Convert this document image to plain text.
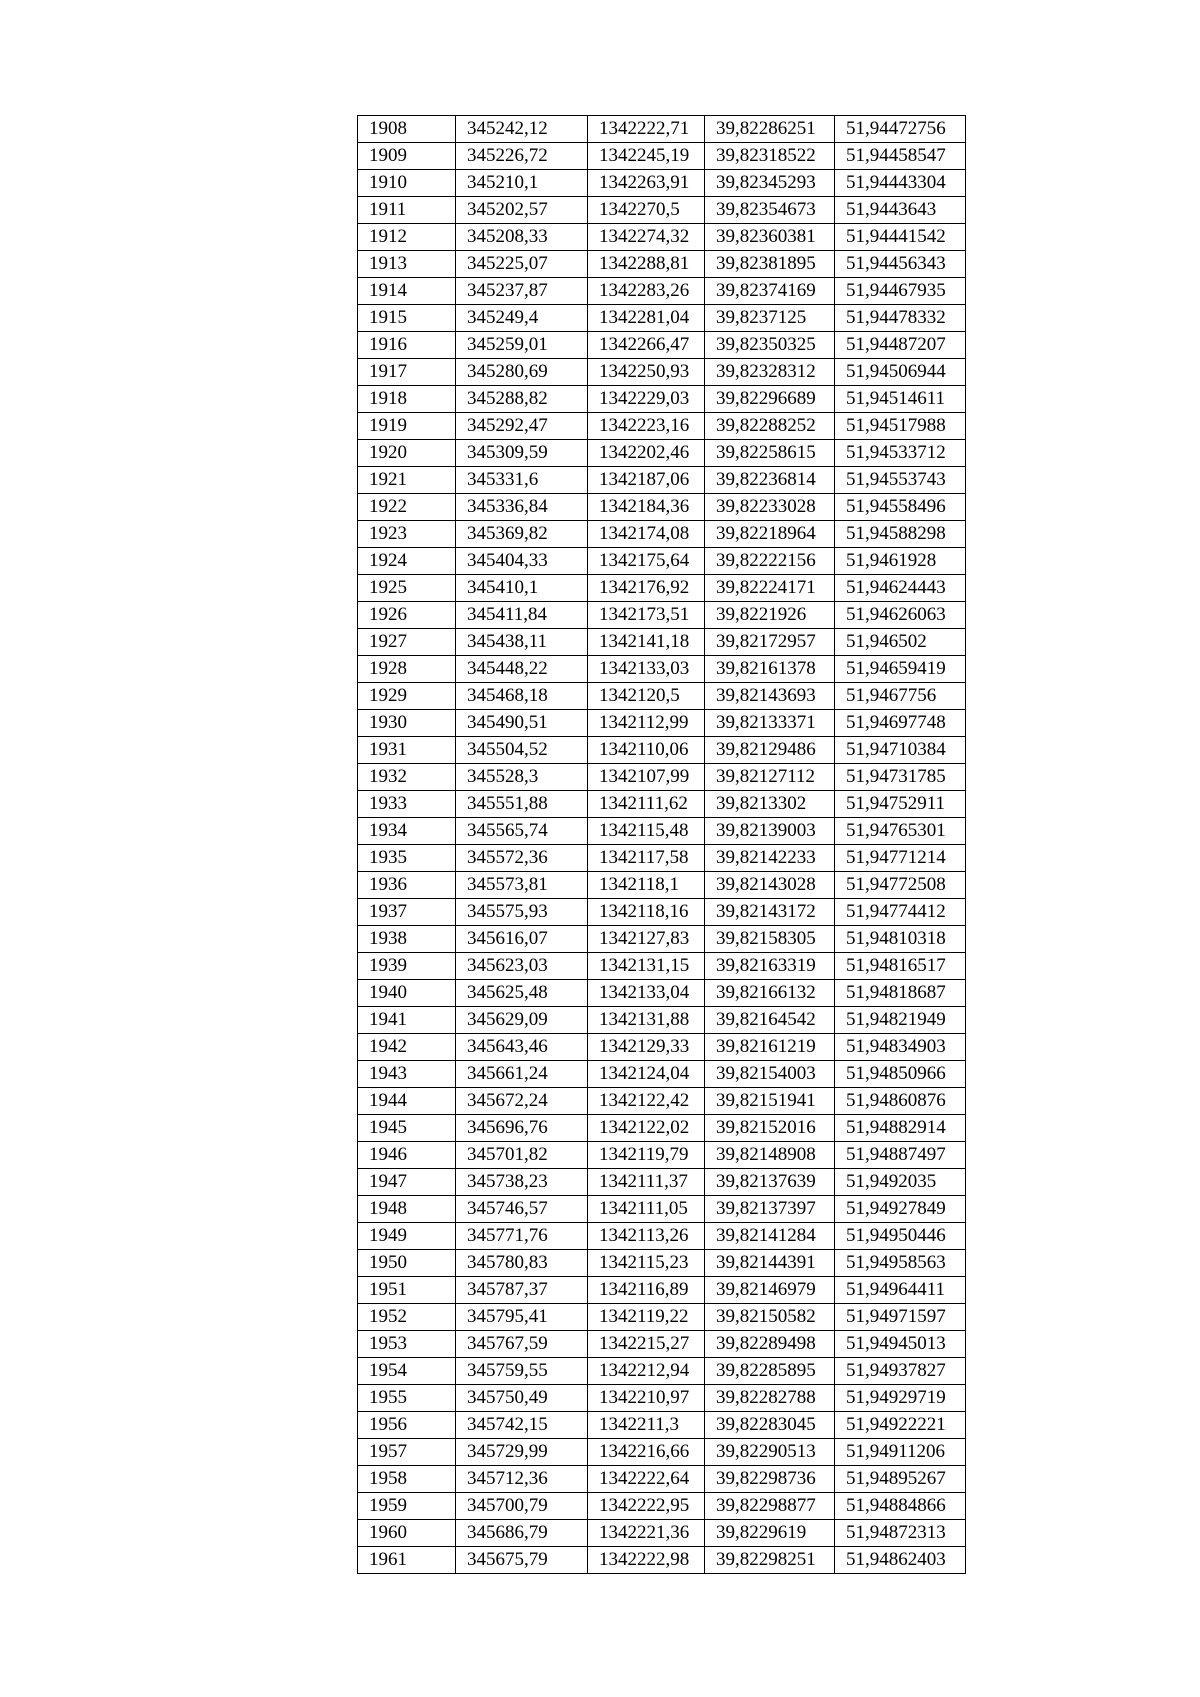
1908	345242,12	1342222,71	39,82286251	51,94472756
1909	345226,72	1342245,19	39,82318522	51,94458547
1910	345210,1	1342263,91	39,82345293	51,94443304
1911	345202,57	1342270,5	39,82354673	51,9443643
1912	345208,33	1342274,32	39,82360381	51,94441542
1913	345225,07	1342288,81	39,82381895	51,94456343
1914	345237,87	1342283,26	39,82374169	51,94467935
1915	345249,4	1342281,04	39,8237125	51,94478332
1916	345259,01	1342266,47	39,82350325	51,94487207
1917	345280,69	1342250,93	39,82328312	51,94506944
1918	345288,82	1342229,03	39,82296689	51,94514611
1919	345292,47	1342223,16	39,82288252	51,94517988
1920	345309,59	1342202,46	39,82258615	51,94533712
1921	345331,6	1342187,06	39,82236814	51,94553743
1922	345336,84	1342184,36	39,82233028	51,94558496
1923	345369,82	1342174,08	39,82218964	51,94588298
1924	345404,33	1342175,64	39,82222156	51,9461928
1925	345410,1	1342176,92	39,82224171	51,94624443
1926	345411,84	1342173,51	39,8221926	51,94626063
1927	345438,11	1342141,18	39,82172957	51,946502
1928	345448,22	1342133,03	39,82161378	51,94659419
1929	345468,18	1342120,5	39,82143693	51,9467756
1930	345490,51	1342112,99	39,82133371	51,94697748
1931	345504,52	1342110,06	39,82129486	51,94710384
1932	345528,3	1342107,99	39,82127112	51,94731785
1933	345551,88	1342111,62	39,8213302	51,94752911
1934	345565,74	1342115,48	39,82139003	51,94765301
1935	345572,36	1342117,58	39,82142233	51,94771214
1936	345573,81	1342118,1	39,82143028	51,94772508
1937	345575,93	1342118,16	39,82143172	51,94774412
1938	345616,07	1342127,83	39,82158305	51,94810318
1939	345623,03	1342131,15	39,82163319	51,94816517
1940	345625,48	1342133,04	39,82166132	51,94818687
1941	345629,09	1342131,88	39,82164542	51,94821949
1942	345643,46	1342129,33	39,82161219	51,94834903
1943	345661,24	1342124,04	39,82154003	51,94850966
1944	345672,24	1342122,42	39,82151941	51,94860876
1945	345696,76	1342122,02	39,82152016	51,94882914
1946	345701,82	1342119,79	39,82148908	51,94887497
1947	345738,23	1342111,37	39,82137639	51,9492035
1948	345746,57	1342111,05	39,82137397	51,94927849
1949	345771,76	1342113,26	39,82141284	51,94950446
1950	345780,83	1342115,23	39,82144391	51,94958563
1951	345787,37	1342116,89	39,82146979	51,94964411
1952	345795,41	1342119,22	39,82150582	51,94971597
1953	345767,59	1342215,27	39,82289498	51,94945013
1954	345759,55	1342212,94	39,82285895	51,94937827
1955	345750,49	1342210,97	39,82282788	51,94929719
1956	345742,15	1342211,3	39,82283045	51,94922221
1957	345729,99	1342216,66	39,82290513	51,94911206
1958	345712,36	1342222,64	39,82298736	51,94895267
1959	345700,79	1342222,95	39,82298877	51,94884866
1960	345686,79	1342221,36	39,8229619	51,94872313
1961	345675,79	1342222,98	39,82298251	51,94862403
